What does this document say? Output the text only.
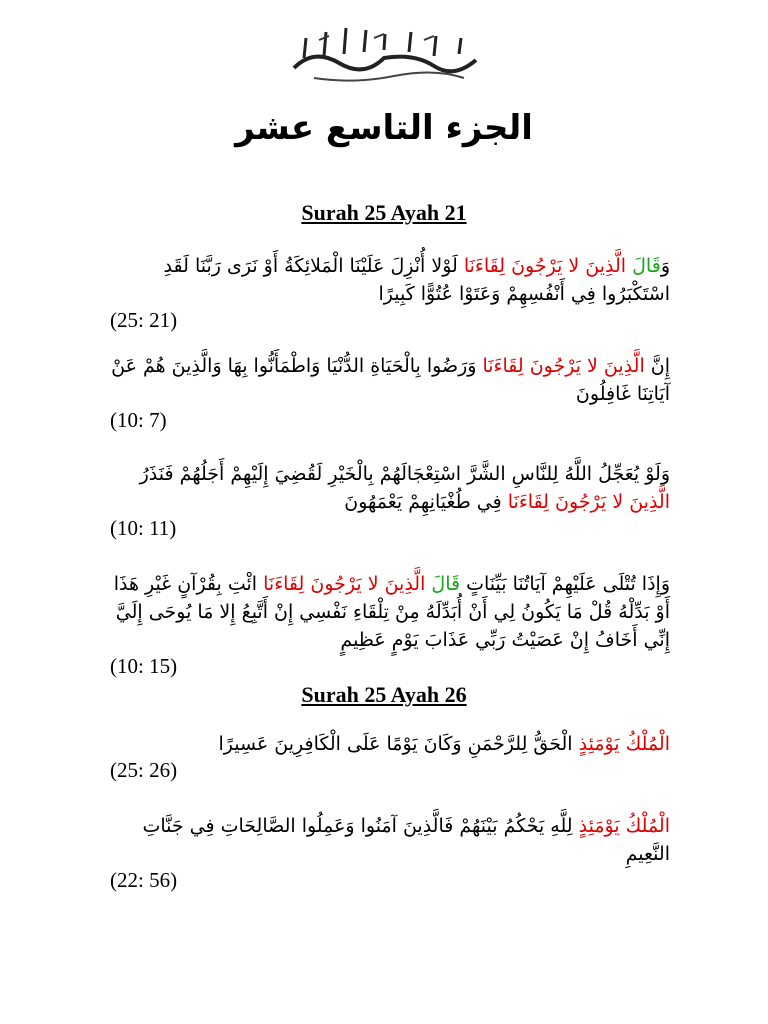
الجزء التاسع عشر
Surah 25 Ayah 21
وَقَالَ الَّذِينَ لا يَرْجُونَ لِقَاءَنَا لَوْلا أُنْزِلَ عَلَيْنَا الْمَلائِكَةُ أَوْ نَرَى رَبَّنَا لَقَدِ اسْتَكْبَرُوا فِي أَنْفُسِهِمْ وَعَتَوْا عُتُوًّا كَبِيرًا
(25: 21)
إِنَّ الَّذِينَ لا يَرْجُونَ لِقَاءَنَا وَرَضُوا بِالْحَيَاةِ الدُّنْيَا وَاطْمَأَنُّوا بِهَا وَالَّذِينَ هُمْ عَنْ آيَاتِنَا غَافِلُونَ
(10: 7)
وَلَوْ يُعَجِّلُ اللَّهُ لِلنَّاسِ الشَّرَّ اسْتِعْجَالَهُمْ بِالْخَيْرِ لَقُضِيَ إِلَيْهِمْ أَجَلُهُمْ فَنَذَرُ الَّذِينَ لا يَرْجُونَ لِقَاءَنَا فِي طُغْيَانِهِمْ يَعْمَهُونَ
(10: 11)
وَإِذَا تُتْلَى عَلَيْهِمْ آيَاتُنَا بَيِّنَاتٍ قَالَ الَّذِينَ لا يَرْجُونَ لِقَاءَنَا ائْتِ بِقُرْآنٍ غَيْرِ هَذَا أَوْ بَدِّلْهُ قُلْ مَا يَكُونُ لِي أَنْ أُبَدِّلَهُ مِنْ تِلْقَاءِ نَفْسِي إِنْ أَتَّبِعُ إِلا مَا يُوحَى إِلَيَّ إِنِّي أَخَافُ إِنْ عَصَيْتُ رَبِّي عَذَابَ يَوْمٍ عَظِيمٍ
(10: 15)
Surah 25 Ayah 26
الْمُلْكُ يَوْمَئِذٍ الْحَقُّ لِلرَّحْمَنِ وَكَانَ يَوْمًا عَلَى الْكَافِرِينَ عَسِيرًا
(25: 26)
الْمُلْكُ يَوْمَئِذٍ لِلَّهِ يَحْكُمُ بَيْنَهُمْ فَالَّذِينَ آمَنُوا وَعَمِلُوا الصَّالِحَاتِ فِي جَنَّاتِ النَّعِيمِ
(22: 56)
